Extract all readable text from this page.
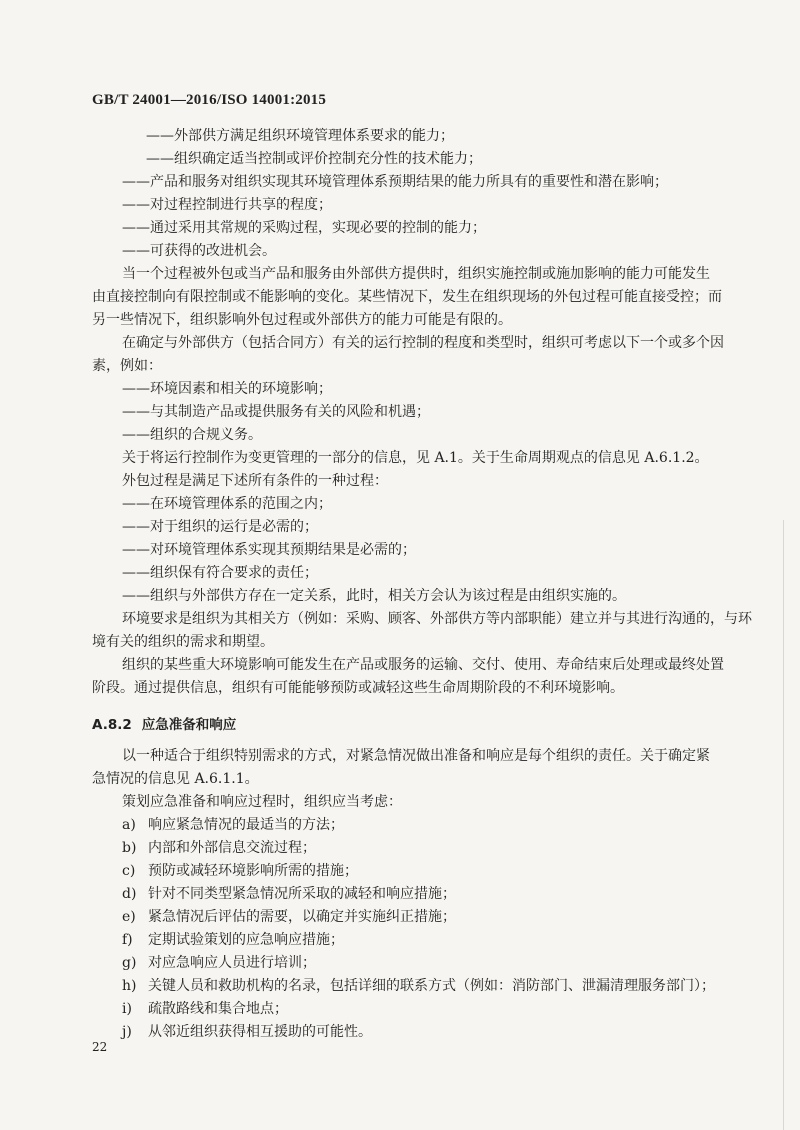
GB/T 24001—2016/ISO 14001:2015
——外部供方满足组织环境管理体系要求的能力；
——组织确定适当控制或评价控制充分性的技术能力；
——产品和服务对组织实现其环境管理体系预期结果的能力所具有的重要性和潜在影响；
——对过程控制进行共享的程度；
——通过采用其常规的采购过程，实现必要的控制的能力；
——可获得的改进机会。
当一个过程被外包或当产品和服务由外部供方提供时，组织实施控制或施加影响的能力可能发生
由直接控制向有限控制或不能影响的变化。某些情况下，发生在组织现场的外包过程可能直接受控；而
另一些情况下，组织影响外包过程或外部供方的能力可能是有限的。
在确定与外部供方（包括合同方）有关的运行控制的程度和类型时，组织可考虑以下一个或多个因
素，例如：
——环境因素和相关的环境影响；
——与其制造产品或提供服务有关的风险和机遇；
——组织的合规义务。
关于将运行控制作为变更管理的一部分的信息，见 A.1。关于生命周期观点的信息见 A.6.1.2。
外包过程是满足下述所有条件的一种过程：
——在环境管理体系的范围之内；
——对于组织的运行是必需的；
——对环境管理体系实现其预期结果是必需的；
——组织保有符合要求的责任；
——组织与外部供方存在一定关系，此时，相关方会认为该过程是由组织实施的。
环境要求是组织为其相关方（例如：采购、顾客、外部供方等内部职能）建立并与其进行沟通的，与环
境有关的组织的需求和期望。
组织的某些重大环境影响可能发生在产品或服务的运输、交付、使用、寿命结束后处理或最终处置
阶段。通过提供信息，组织有可能能够预防或减轻这些生命周期阶段的不利环境影响。
A.8.2 应急准备和响应
以一种适合于组织特别需求的方式，对紧急情况做出准备和响应是每个组织的责任。关于确定紧
急情况的信息见 A.6.1.1。
策划应急准备和响应过程时，组织应当考虑：
a) 响应紧急情况的最适当的方法；
b) 内部和外部信息交流过程；
c) 预防或减轻环境影响所需的措施；
d) 针对不同类型紧急情况所采取的减轻和响应措施；
e) 紧急情况后评估的需要，以确定并实施纠正措施；
f)	定期试验策划的应急响应措施；
g) 对应急响应人员进行培训；
h) 关键人员和救助机构的名录，包括详细的联系方式（例如：消防部门、泄漏清理服务部门）；
i)	疏散路线和集合地点；
j)	从邻近组织获得相互援助的可能性。
22
